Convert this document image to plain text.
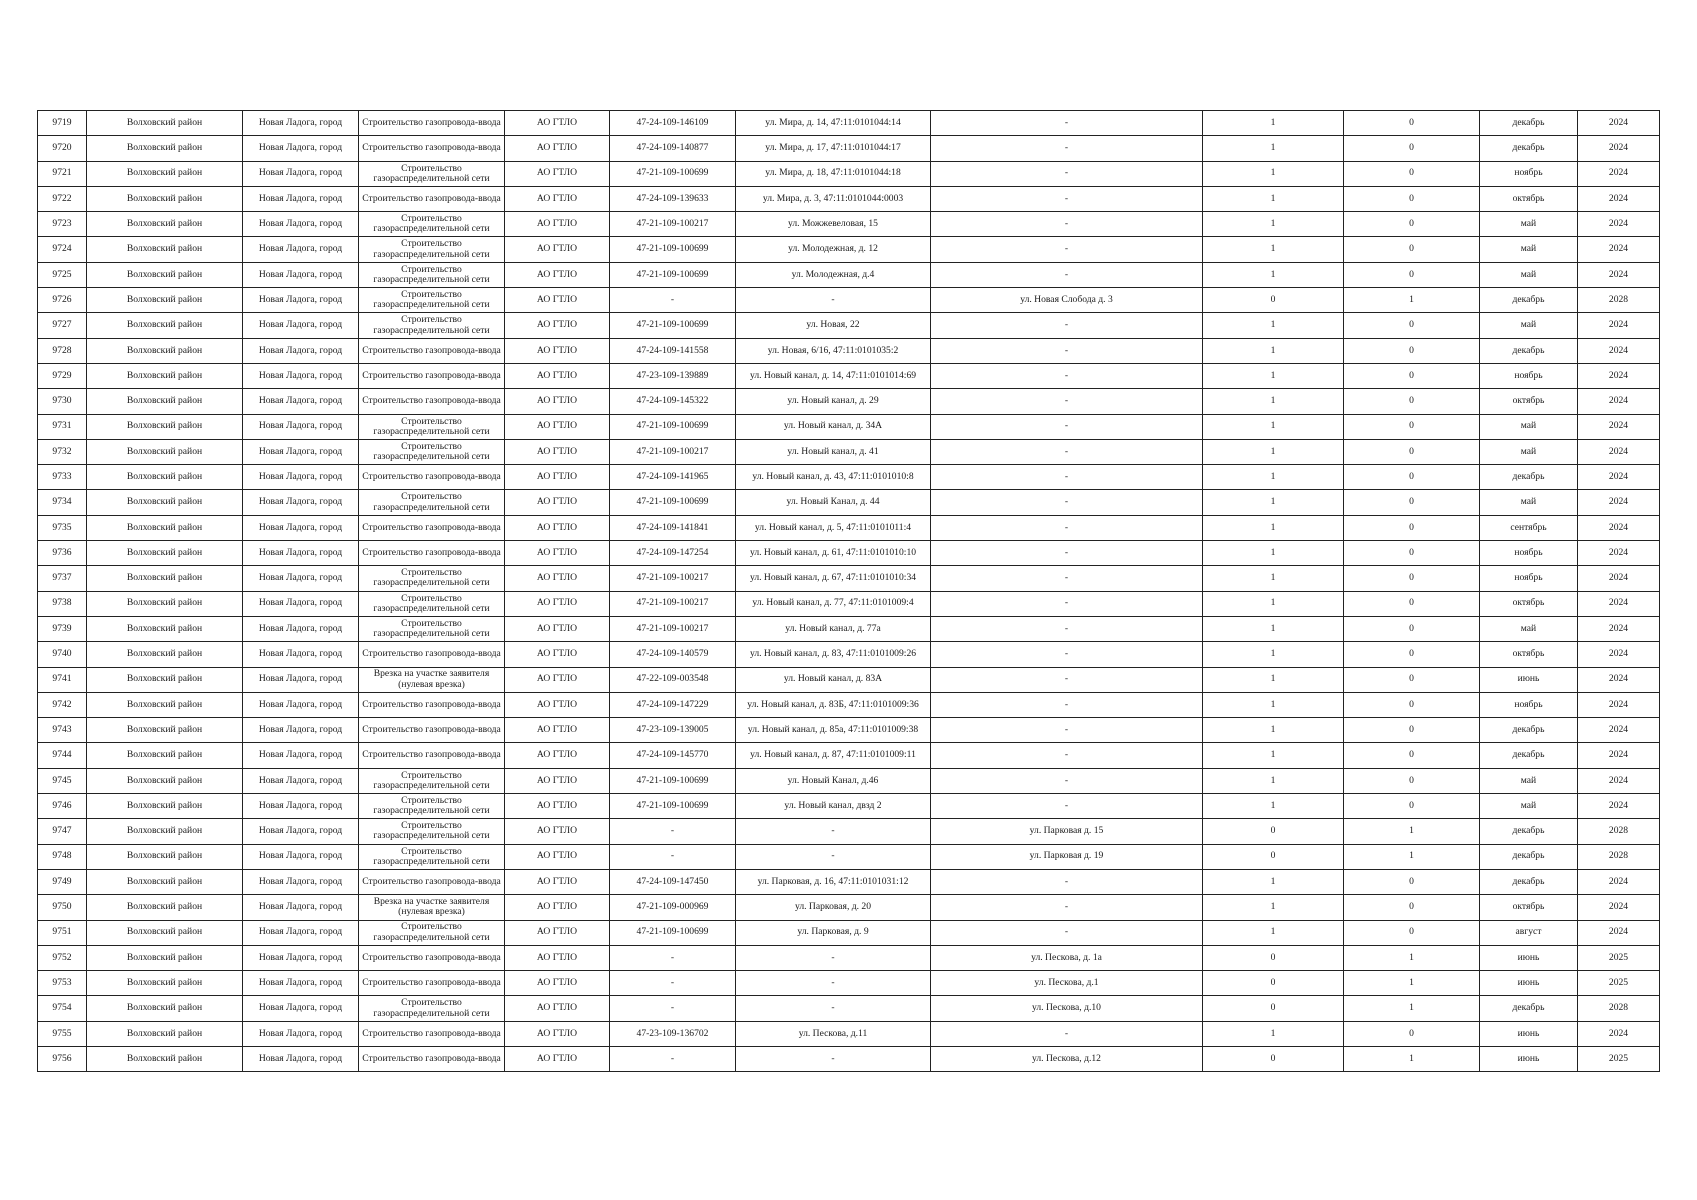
9719	Волховский район	Новая Ладога, город	Строительство газопровода-ввода	АО ГТЛО	47-24-109-146109	ул. Мира, д. 14, 47:11:0101044:14	-	1	0	декабрь	2024
9720	Волховский район	Новая Ладога, город	Строительство газопровода-ввода	АО ГТЛО	47-24-109-140877	ул. Мира, д. 17, 47:11:0101044:17	-	1	0	декабрь	2024
9721	Волховский район	Новая Ладога, город	Строительство газораспределительной сети	АО ГТЛО	47-21-109-100699	ул. Мира, д. 18, 47:11:0101044:18	-	1	0	ноябрь	2024
9722	Волховский район	Новая Ладога, город	Строительство газопровода-ввода	АО ГТЛО	47-24-109-139633	ул. Мира, д. 3, 47:11:0101044:0003	-	1	0	октябрь	2024
9723	Волховский район	Новая Ладога, город	Строительство газораспределительной сети	АО ГТЛО	47-21-109-100217	ул. Можжевеловая, 15	-	1	0	май	2024
9724	Волховский район	Новая Ладога, город	Строительство газораспределительной сети	АО ГТЛО	47-21-109-100699	ул. Молодежная, д. 12	-	1	0	май	2024
9725	Волховский район	Новая Ладога, город	Строительство газораспределительной сети	АО ГТЛО	47-21-109-100699	ул. Молодежная, д.4	-	1	0	май	2024
9726	Волховский район	Новая Ладога, город	Строительство газораспределительной сети	АО ГТЛО	-	-	ул. Новая Слобода д. 3	0	1	декабрь	2028
9727	Волховский район	Новая Ладога, город	Строительство газораспределительной сети	АО ГТЛО	47-21-109-100699	ул. Новая, 22	-	1	0	май	2024
9728	Волховский район	Новая Ладога, город	Строительство газопровода-ввода	АО ГТЛО	47-24-109-141558	ул. Новая, 6/16, 47:11:0101035:2	-	1	0	декабрь	2024
9729	Волховский район	Новая Ладога, город	Строительство газопровода-ввода	АО ГТЛО	47-23-109-139889	ул. Новый канал, д. 14, 47:11:0101014:69	-	1	0	ноябрь	2024
9730	Волховский район	Новая Ладога, город	Строительство газопровода-ввода	АО ГТЛО	47-24-109-145322	ул. Новый канал, д. 29	-	1	0	октябрь	2024
9731	Волховский район	Новая Ладога, город	Строительство газораспределительной сети	АО ГТЛО	47-21-109-100699	ул. Новый канал, д. 34А	-	1	0	май	2024
9732	Волховский район	Новая Ладога, город	Строительство газораспределительной сети	АО ГТЛО	47-21-109-100217	ул. Новый канал, д. 41	-	1	0	май	2024
9733	Волховский район	Новая Ладога, город	Строительство газопровода-ввода	АО ГТЛО	47-24-109-141965	ул. Новый канал, д. 43, 47:11:0101010:8	-	1	0	декабрь	2024
9734	Волховский район	Новая Ладога, город	Строительство газораспределительной сети	АО ГТЛО	47-21-109-100699	ул. Новый Канал, д. 44	-	1	0	май	2024
9735	Волховский район	Новая Ладога, город	Строительство газопровода-ввода	АО ГТЛО	47-24-109-141841	ул. Новый канал, д. 5, 47:11:0101011:4	-	1	0	сентябрь	2024
9736	Волховский район	Новая Ладога, город	Строительство газопровода-ввода	АО ГТЛО	47-24-109-147254	ул. Новый канал, д. 61, 47:11:0101010:10	-	1	0	ноябрь	2024
9737	Волховский район	Новая Ладога, город	Строительство газораспределительной сети	АО ГТЛО	47-21-109-100217	ул. Новый канал, д. 67, 47:11:0101010:34	-	1	0	ноябрь	2024
9738	Волховский район	Новая Ладога, город	Строительство газораспределительной сети	АО ГТЛО	47-21-109-100217	ул. Новый канал, д. 77, 47:11:0101009:4	-	1	0	октябрь	2024
9739	Волховский район	Новая Ладога, город	Строительство газораспределительной сети	АО ГТЛО	47-21-109-100217	ул. Новый канал, д. 77а	-	1	0	май	2024
9740	Волховский район	Новая Ладога, город	Строительство газопровода-ввода	АО ГТЛО	47-24-109-140579	ул. Новый канал, д. 83, 47:11:0101009:26	-	1	0	октябрь	2024
9741	Волховский район	Новая Ладога, город	Врезка на участке заявителя (нулевая врезка)	АО ГТЛО	47-22-109-003548	ул. Новый канал, д. 83А	-	1	0	июнь	2024
9742	Волховский район	Новая Ладога, город	Строительство газопровода-ввода	АО ГТЛО	47-24-109-147229	ул. Новый канал, д. 83Б, 47:11:0101009:36	-	1	0	ноябрь	2024
9743	Волховский район	Новая Ладога, город	Строительство газопровода-ввода	АО ГТЛО	47-23-109-139005	ул. Новый канал, д. 85а, 47:11:0101009:38	-	1	0	декабрь	2024
9744	Волховский район	Новая Ладога, город	Строительство газопровода-ввода	АО ГТЛО	47-24-109-145770	ул. Новый канал, д. 87, 47:11:0101009:11	-	1	0	декабрь	2024
9745	Волховский район	Новая Ладога, город	Строительство газораспределительной сети	АО ГТЛО	47-21-109-100699	ул. Новый Канал, д.46	-	1	0	май	2024
9746	Волховский район	Новая Ладога, город	Строительство газораспределительной сети	АО ГТЛО	47-21-109-100699	ул. Новый канал, двзд 2	-	1	0	май	2024
9747	Волховский район	Новая Ладога, город	Строительство газораспределительной сети	АО ГТЛО	-	-	ул. Парковая д. 15	0	1	декабрь	2028
9748	Волховский район	Новая Ладога, город	Строительство газораспределительной сети	АО ГТЛО	-	-	ул. Парковая д. 19	0	1	декабрь	2028
9749	Волховский район	Новая Ладога, город	Строительство газопровода-ввода	АО ГТЛО	47-24-109-147450	ул. Парковая, д. 16, 47:11:0101031:12	-	1	0	декабрь	2024
9750	Волховский район	Новая Ладога, город	Врезка на участке заявителя (нулевая врезка)	АО ГТЛО	47-21-109-000969	ул. Парковая, д. 20	-	1	0	октябрь	2024
9751	Волховский район	Новая Ладога, город	Строительство газораспределительной сети	АО ГТЛО	47-21-109-100699	ул. Парковая, д. 9	-	1	0	август	2024
9752	Волховский район	Новая Ладога, город	Строительство газопровода-ввода	АО ГТЛО	-	-	ул. Пескова, д. 1а	0	1	июнь	2025
9753	Волховский район	Новая Ладога, город	Строительство газопровода-ввода	АО ГТЛО	-	-	ул. Пескова, д.1	0	1	июнь	2025
9754	Волховский район	Новая Ладога, город	Строительство газораспределительной сети	АО ГТЛО	-	-	ул. Пескова, д.10	0	1	декабрь	2028
9755	Волховский район	Новая Ладога, город	Строительство газопровода-ввода	АО ГТЛО	47-23-109-136702	ул. Пескова, д.11	-	1	0	июнь	2024
9756	Волховский район	Новая Ладога, город	Строительство газопровода-ввода	АО ГТЛО	-	-	ул. Пескова, д.12	0	1	июнь	2025
